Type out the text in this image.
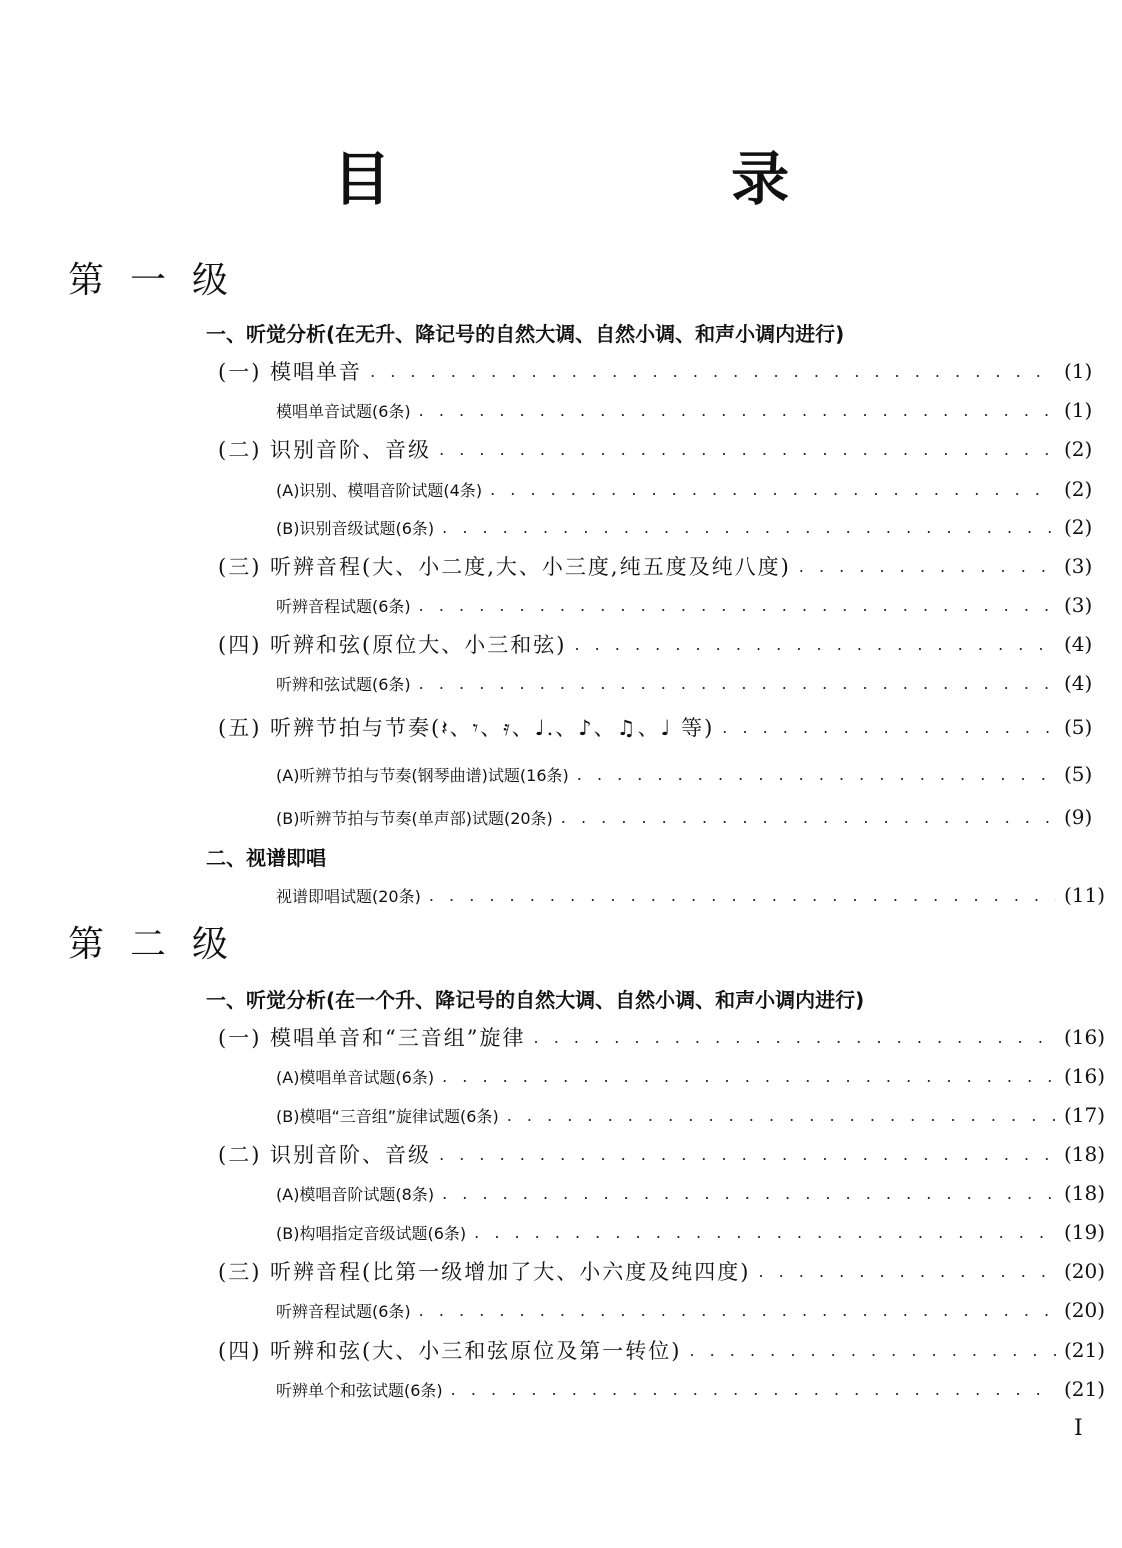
目 录
第一级
一、听觉分析(在无升、降记号的自然大调、自然小调、和声小调内进行)
(一) 模唱单音 . . .	(1)
模唱单音试题(6条) . . .	(1)
(二) 识别音阶、音级 . . .	(2)
(A)识别、模唱音阶试题(4条) . . .	(2)
(B)识别音级试题(6条) . . .	(2)
(三) 听辨音程(大、小二度,大、小三度,纯五度及纯八度) . . .	(3)
听辨音程试题(6条) . . .	(3)
(四) 听辨和弦(原位大、小三和弦) . . .	(4)
听辨和弦试题(6条) . . .	(4)
(五) 听辨节拍与节奏(𝄽、𝄾、𝄿、♩.、♪、♫、♩ 等) . . .	(5)
(A)听辨节拍与节奏(钢琴曲谱)试题(16条) . . .	(5)
(B)听辨节拍与节奏(单声部)试题(20条) . . .	(9)
二、视谱即唱
视谱即唱试题(20条) . . .	(11)
第二级
一、听觉分析(在一个升、降记号的自然大调、自然小调、和声小调内进行)
(一) 模唱单音和“三音组”旋律 . . .	(16)
(A)模唱单音试题(6条) . . .	(16)
(B)模唱“三音组”旋律试题(6条) . . .	(17)
(二) 识别音阶、音级 . . .	(18)
(A)模唱音阶试题(8条) . . .	(18)
(B)构唱指定音级试题(6条) . . .	(19)
(三) 听辨音程(比第一级增加了大、小六度及纯四度) . . .	(20)
听辨音程试题(6条) . . .	(20)
(四) 听辨和弦(大、小三和弦原位及第一转位) . . .	(21)
听辨单个和弦试题(6条) . . .	(21)
I
